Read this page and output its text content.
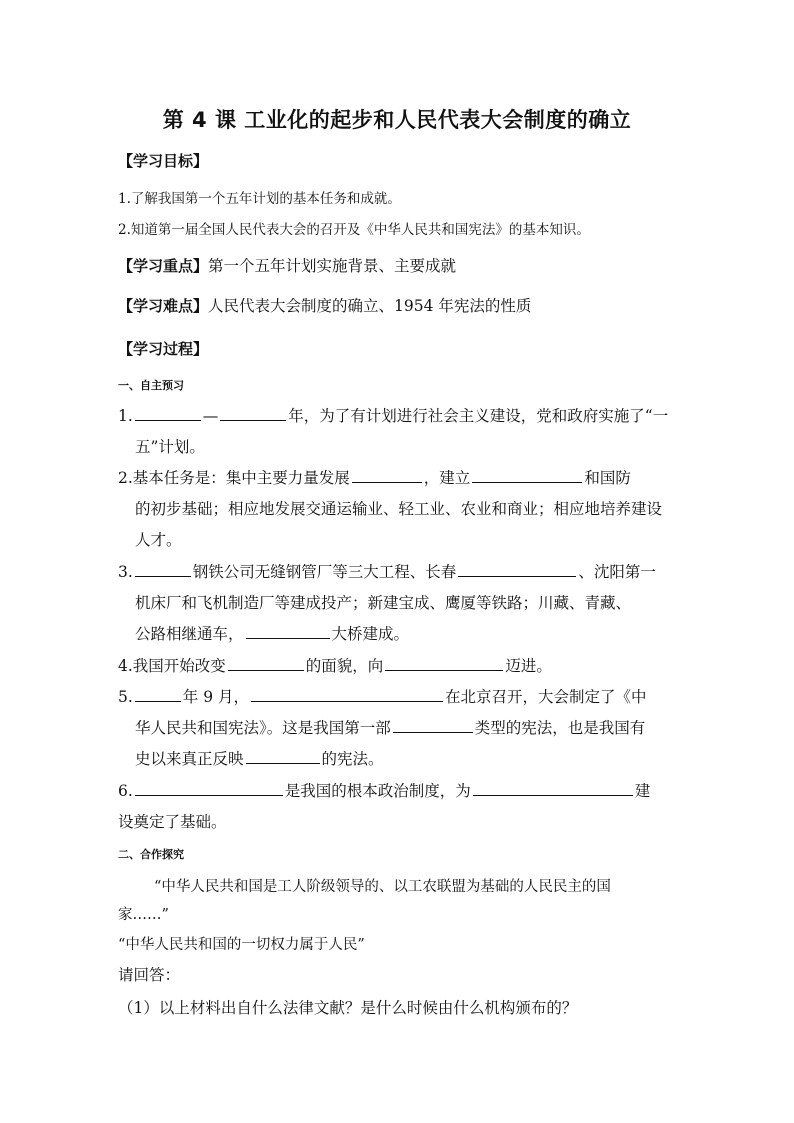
第 4 课 工业化的起步和人民代表大会制度的确立
【学习目标】
1.了解我国第一个五年计划的基本任务和成就。
2.知道第一届全国人民代表大会的召开及《中华人民共和国宪法》的基本知识。
【学习重点】第一个五年计划实施背景、主要成就
【学习难点】人民代表大会制度的确立、1954 年宪法的性质
【学习过程】
一、自主预习
1.	—	年，为了有计划进行社会主义建设，党和政府实施了“一
五”计划。
2.基本任务是：集中主要力量发展	，建立	和国防
的初步基础；相应地发展交通运输业、轻工业、农业和商业；相应地培养建设
人才。
3.	钢铁公司无缝钢管厂等三大工程、长春	、沈阳第一
机床厂和飞机制造厂等建成投产；新建宝成、鹰厦等铁路；川藏、青藏、
公路相继通车，	大桥建成。
4.我国开始改变	的面貌，向	迈进。
5.	年 9 月，	在北京召开，大会制定了《中
华人民共和国宪法》。这是我国第一部	类型的宪法，也是我国有
史以来真正反映	的宪法。
6.	是我国的根本政治制度，为	建
设奠定了基础。
二、合作探究
“中华人民共和国是工人阶级领导的、以工农联盟为基础的人民民主的国
家……”
“中华人民共和国的一切权力属于人民”
请回答：
（1）以上材料出自什么法律文献？是什么时候由什么机构颁布的？
